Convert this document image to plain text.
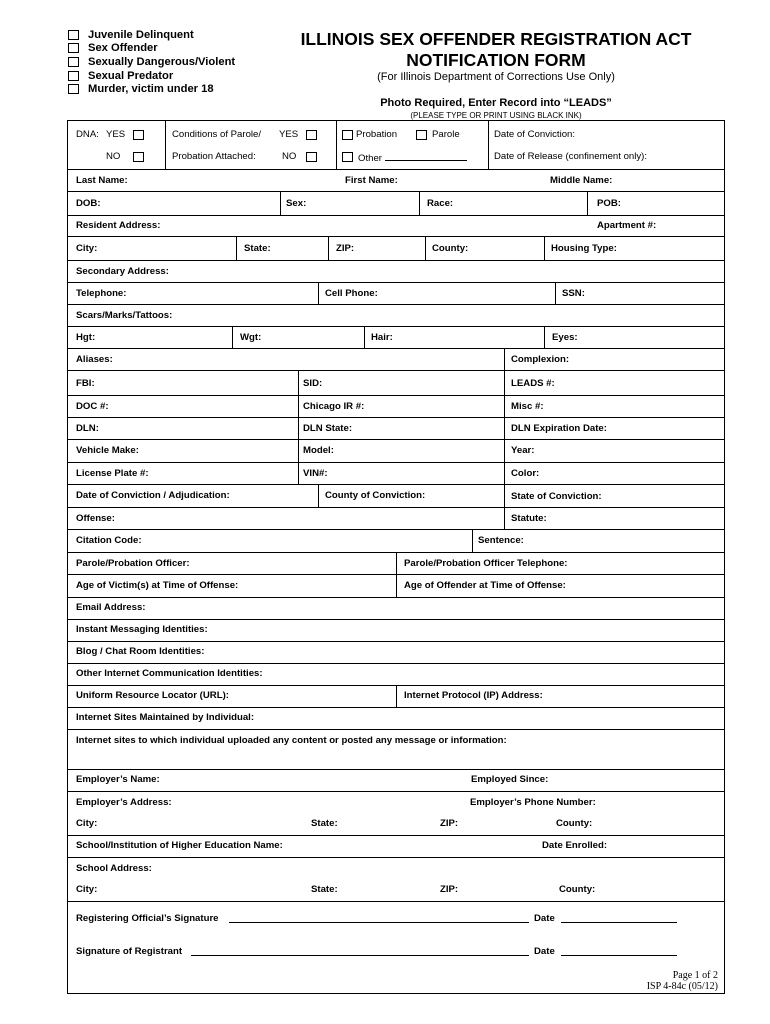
Juvenile Delinquent
Sex Offender
Sexually Dangerous/Violent
Sexual Predator
Murder, victim under 18
ILLINOIS SEX OFFENDER REGISTRATION ACT
NOTIFICATION FORM
(For Illinois Department of Corrections Use Only)
Photo Required, Enter Record into “LEADS”
(PLEASE TYPE OR PRINT USING BLACK INK)
DNA: YES
NO
Conditions of Parole/ YES
Probation Attached:	NO
Probation	Parole
Other
Date of Conviction:
Date of Release (confinement only):
Last Name:	First Name:	Middle Name:
DOB:	Sex:	Race:	POB:
Resident Address:	Apartment #:
City:	State:	ZIP:	County:	Housing Type:
Secondary Address:
Telephone:	Cell Phone:	SSN:
Scars/Marks/Tattoos:
Hgt:	Wgt:	Hair:	Eyes:
Aliases:	Complexion:
FBI:	SID:	LEADS #:
DOC #:	Chicago IR #:	Misc #:
DLN:	DLN State:	DLN Expiration Date:
Vehicle Make:	Model:	Year:
License Plate #:	VIN#:	Color:
Date of Conviction / Adjudication:	County of Conviction:	State of Conviction:
Offense:	Statute:
Citation Code:	Sentence:
Parole/Probation Officer:	Parole/Probation Officer Telephone:
Age of Victim(s) at Time of Offense:	Age of Offender at Time of Offense:
Email Address:
Instant Messaging Identities:
Blog / Chat Room Identities:
Other Internet Communication Identities:
Uniform Resource Locator (URL):	Internet Protocol (IP) Address:
Internet Sites Maintained by Individual:
Internet sites to which individual uploaded any content or posted any message or information:
Employer’s Name:	Employed Since:
Employer’s Address:	Employer’s Phone Number:
City:	State:	ZIP:	County:
School/Institution of Higher Education Name:	Date Enrolled:
School Address:
City:	State:	ZIP:	County:
Registering Official’s Signature	Date
Signature of Registrant	Date
Page 1 of 2
ISP 4-84c (05/12)
